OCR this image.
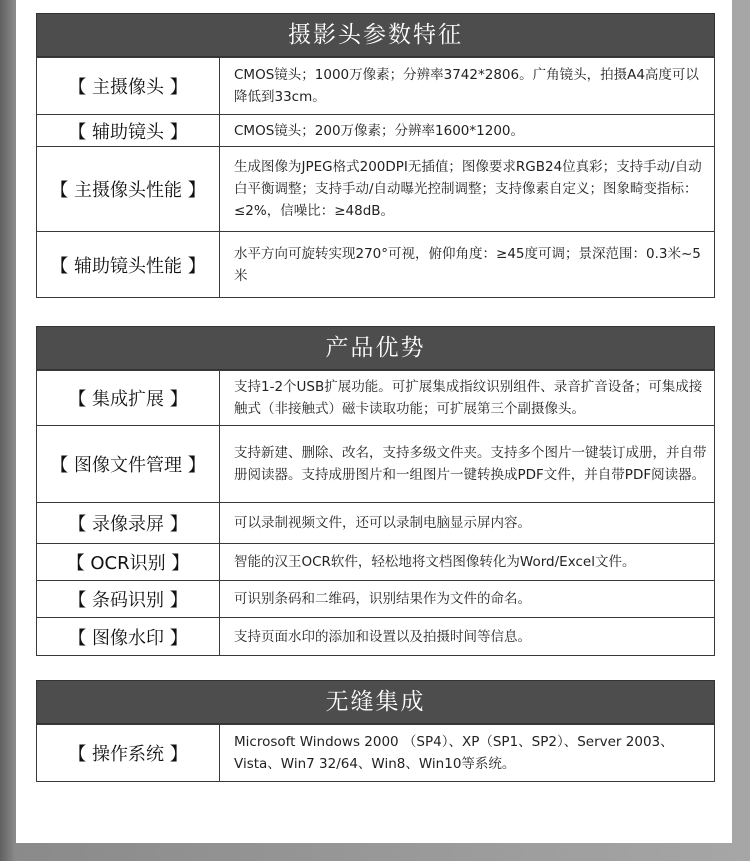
摄影头参数特征
【 主摄像头 】	CMOS镜头；1000万像素；分辨率3742*2806。广角镜头，拍摄A4高度可以降低到33cm。
【 辅助镜头 】	CMOS镜头；200万像素；分辨率1600*1200。
【 主摄像头性能 】	生成图像为JPEG格式200DPI无插值；图像要求RGB24位真彩；支持手动/自动白平衡调整；支持手动/自动曝光控制调整；支持像素自定义；图象畸变指标：≤2%，信噪比：≥48dB。
【 辅助镜头性能 】	水平方向可旋转实现270°可视，俯仰角度：≥45度可调；景深范围：0.3米~5米
产品优势
【 集成扩展 】	支持1-2个USB扩展功能。可扩展集成指纹识别组件、录音扩音设备；可集成接触式（非接触式）磁卡读取功能；可扩展第三个副摄像头。
【 图像文件管理 】	支持新建、删除、改名，支持多级文件夹。支持多个图片一键装订成册，并自带册阅读器。支持成册图片和一组图片一键转换成PDF文件，并自带PDF阅读器。
【 录像录屏 】	可以录制视频文件，还可以录制电脑显示屏内容。
【 OCR识别 】	智能的汉王OCR软件，轻松地将文档图像转化为Word/Excel文件。
【 条码识别 】	可识别条码和二维码，识别结果作为文件的命名。
【 图像水印 】	支持页面水印的添加和设置以及拍摄时间等信息。
无缝集成
【 操作系统 】	Microsoft Windows 2000 （SP4）、XP（SP1、SP2）、Server 2003、Vista、Win7 32/64、Win8、Win10等系统。
